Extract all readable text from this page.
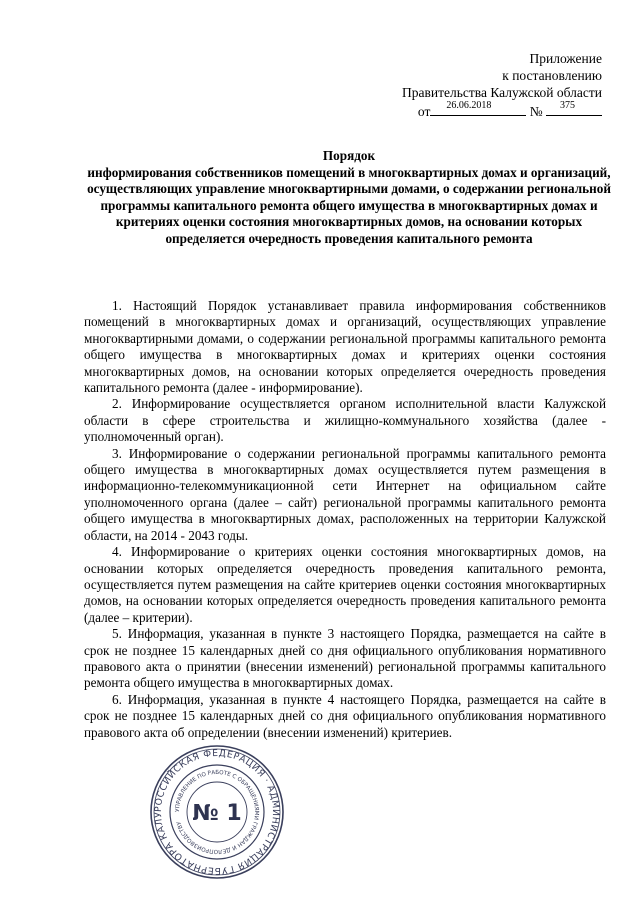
Приложение
к постановлению
Правительства Калужской области
от 26.06.2018	№ 375
Порядок
информирования собственников помещений в многоквартирных домах и организаций, осуществляющих управление многоквартирными домами, о содержании региональной программы капитального ремонта общего имущества в многоквартирных домах и критериях оценки состояния многоквартирных домов, на основании которых определяется очередность проведения капитального ремонта

1. Настоящий Порядок устанавливает правила информирования собственников помещений в многоквартирных домах и организаций, осуществляющих управление многоквартирными домами, о содержании региональной программы капитального ремонта общего имущества в многоквартирных домах и критериях оценки состояния многоквартирных домов, на основании которых определяется очередность проведения капитального ремонта (далее - информирование).

2. Информирование осуществляется органом исполнительной власти Калужской области в сфере строительства и жилищно-коммунального хозяйства (далее - уполномоченный орган).

3. Информирование о содержании региональной программы капитального ремонта общего имущества в многоквартирных домах осуществляется путем размещения в информационно-телекоммуникационной сети Интернет на официальном сайте уполномоченного органа (далее – сайт) региональной программы капитального ремонта общего имущества в многоквартирных домах, расположенных на территории Калужской области, на 2014 - 2043 годы.

4. Информирование о критериях оценки состояния многоквартирных домов, на основании которых определяется очередность проведения капитального ремонта, осуществляется путем размещения на сайте критериев оценки состояния многоквартирных домов, на основании которых определяется очередность проведения капитального ремонта (далее – критерии).

5. Информация, указанная в пункте 3 настоящего Порядка, размещается на сайте в срок не позднее 15 календарных дней со дня официального опубликования нормативного правового акта о принятии (внесении изменений) региональной программы капитального ремонта общего имущества в многоквартирных домах.

6. Информация, указанная в пункте 4 настоящего Порядка, размещается на сайте в срок не позднее 15 календарных дней со дня официального опубликования нормативного правового акта об определении (внесении изменений) критериев.

РОССИЙСКАЯ ФЕДЕРАЦИЯ · АДМИНИСТРАЦИЯ ГУБЕРНАТОРА КАЛУ
УПРАВЛЕНИЕ ПО РАБОТЕ С ОБРАЩЕНИЯМИ ГРАЖДАН И ДЕЛОПРОИЗВОДСТВУ № 1
